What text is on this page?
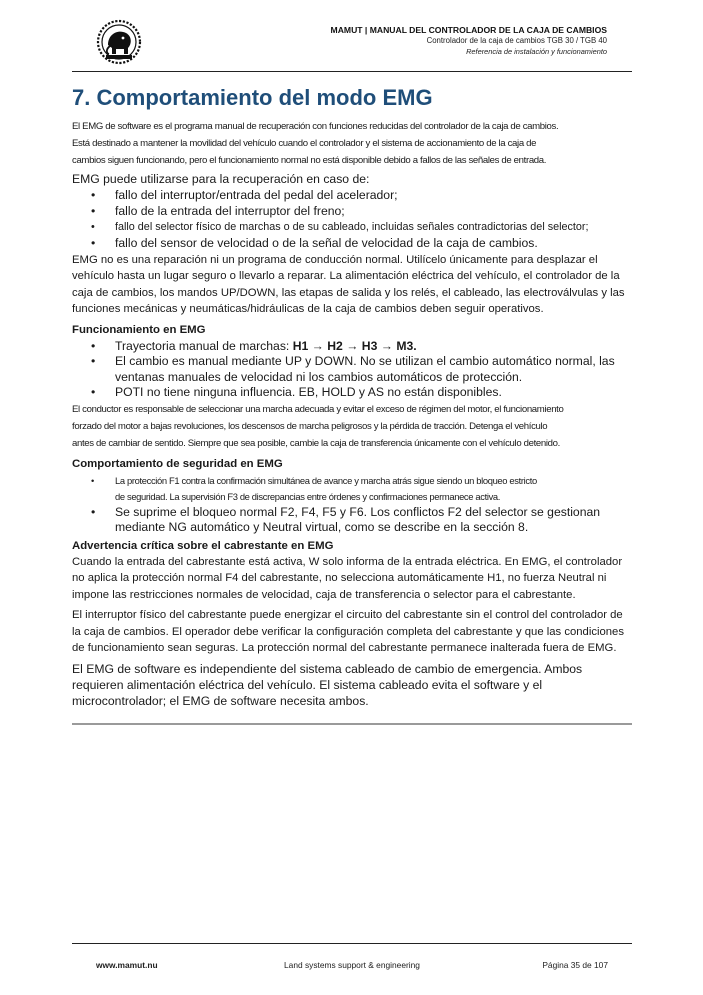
MAMUT | MANUAL DEL CONTROLADOR DE LA CAJA DE CAMBIOS
Controlador de la caja de cambios TGB 30 / TGB 40
Referencia de instalación y funcionamiento
7. Comportamiento del modo EMG

El EMG de software es el programa manual de recuperación con funciones reducidas del controlador de la caja de cambios.

Está destinado a mantener la movilidad del vehículo cuando el controlador y el sistema de accionamiento de la caja de

cambios siguen funcionando, pero el funcionamiento normal no está disponible debido a fallos de las señales de entrada.

EMG puede utilizarse para la recuperación en caso de:

• fallo del interruptor/entrada del pedal del acelerador;
• fallo de la entrada del interruptor del freno;
• fallo del selector físico de marchas o de su cableado, incluidas señales contradictorias del selector;
• fallo del sensor de velocidad o de la señal de velocidad de la caja de cambios.

EMG no es una reparación ni un programa de conducción normal. Utilícelo únicamente para desplazar el vehículo hasta un lugar seguro o llevarlo a reparar. La alimentación eléctrica del vehículo, el controlador de la caja de cambios, los mandos UP/DOWN, las etapas de salida y los relés, el cableado, las electroválvulas y las funciones mecánicas y neumáticas/hidráulicas de la caja de cambios deben seguir operativos.

Funcionamiento en EMG

• Trayectoria manual de marchas: H1 → H2 → H3 → M3.
• El cambio es manual mediante UP y DOWN. No se utilizan el cambio automático normal, las ventanas manuales de velocidad ni los cambios automáticos de protección.
• POTI no tiene ninguna influencia. EB, HOLD y AS no están disponibles.

El conductor es responsable de seleccionar una marcha adecuada y evitar el exceso de régimen del motor, el funcionamiento

forzado del motor a bajas revoluciones, los descensos de marcha peligrosos y la pérdida de tracción. Detenga el vehículo

antes de cambiar de sentido. Siempre que sea posible, cambie la caja de transferencia únicamente con el vehículo detenido.

Comportamiento de seguridad en EMG

• La protección F1 contra la confirmación simultánea de avance y marcha atrás sigue siendo un bloqueo estricto
de seguridad. La supervisión F3 de discrepancias entre órdenes y confirmaciones permanece activa.
• Se suprime el bloqueo normal F2, F4, F5 y F6. Los conflictos F2 del selector se gestionan mediante NG automático y Neutral virtual, como se describe en la sección 8.

Advertencia crítica sobre el cabrestante en EMG

Cuando la entrada del cabrestante está activa, W solo informa de la entrada eléctrica. En EMG, el controlador no aplica la protección normal F4 del cabrestante, no selecciona automáticamente H1, no fuerza Neutral ni impone las restricciones normales de velocidad, caja de transferencia o selector para el cabrestante.

El interruptor físico del cabrestante puede energizar el circuito del cabrestante sin el control del controlador de la caja de cambios. El operador debe verificar la configuración completa del cabrestante y que las condiciones de funcionamiento sean seguras. La protección normal del cabrestante permanece inalterada fuera de EMG.

El EMG de software es independiente del sistema cableado de cambio de emergencia. Ambos requieren alimentación eléctrica del vehículo. El sistema cableado evita el software y el microcontrolador; el EMG de software necesita ambos.

www.mamut.nu	Land systems support & engineering	Página 35 de 107
